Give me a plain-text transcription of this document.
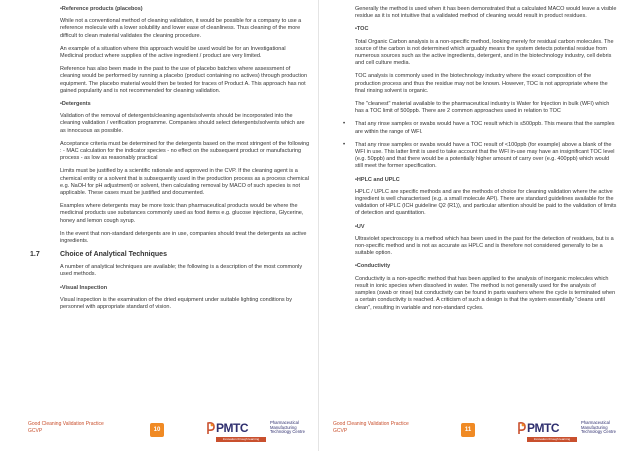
•Reference products (placebos)

While not a conventional method of cleaning validation, it would be possible for a company to use a reference molecule with a lower solubility and lower ease of cleanliness. Thus cleaning of the more difficult to clean material validates the cleaning procedure.

An example of a situation where this approach would be used would be for an Investigational Medicinal product where supplies of the active ingredient / product are very limited.

Reference has also been made in the past to the use of placebo batches where assessment of cleaning would be performed by running a placebo (product containing no actives) through production equipment. The placebo material would then be tested for traces of Product A. This approach has not gained popularity and is not recommended for cleaning validation.

•Detergents

Validation of the removal of detergents/cleaning agents/solvents should be incorporated into the cleaning validation / verification programme. Companies should select detergents/solvents which are as innocuous as possible.

Acceptance criteria must be determined for the detergents based on the most stringent of the following : - MAC calculation for the indicator species - no effect on the subsequent product or manufacturing process - as low as reasonably practical

Limits must be justified by a scientific rationale and approved in the CVP. If the cleaning agent is a chemical entity or a solvent that is subsequently used in the production process as a process chemical e.g. NaOH for pH adjustment) or solvent, then calculating removal by MACO of such species is not applicable. These cases must be justified and documented.

Examples where detergents may be more toxic than pharmaceutical products would be where the medicinal products use substances commonly used as food items e.g. glucose injections, Glycerine, honey and lemon cough syrup.

In the event that non-standard detergents are in use, companies should treat the detergents as active ingredients.

1.7	Choice of Analytical Techniques

A number of analytical techniques are available; the following is a description of the most commonly used methods.

•Visual Inspection

Visual inspection is the examination of the dried equipment under suitable lighting conditions by personnel with appropriate standard of vision.

Good Cleaning Validation Practice
GCVP	10	PMTC	Pharmaceutical Manufacturing Technology Centre
Innovation through learning

Generally the method is used when it has been demonstrated that a calculated MACO would leave a visible residue as it is not intuitive that a validated method of cleaning would result in product residues.

•TOC

Total Organic Carbon analysis is a non-specific method, looking merely for residual carbon molecules. The source of the carbon is not determined which arguably means the system detects potential residue from numerous sources such as the active ingredients, detergent, and in the biotechnology industry, cell debris and cell culture media.

TOC analysis is commonly used in the biotechnology industry where the exact composition of the production process and thus the residue may not be known. However, TOC is not appropriate where the final rinsing solvent is organic.

The "cleanest" material available to the pharmaceutical industry is Water for Injection in bulk (WFI) which has a TOC limit of 500ppb. There are 2 common approaches used in relation to TOC

• That any rinse samples or swabs would have a TOC result which is ≤500ppb. This means that the samples are within the range of WFI.

• That any rinse samples or swabs would have a TOC result of <100ppb (for example) above a blank of the WFI in use. This latter limit is used to take account that the WFI in-use may have an insignificant TOC level (e.g. 50ppb) and that there would be a potentially higher amount of carry over (e.g. 400ppb) which would still meet the former specification.

•HPLC and UPLC

HPLC / UPLC are specific methods and are the methods of choice for cleaning validation where the active ingredient is well characterised (e.g. a small molecule API). There are standard guidelines available for the validation of HPLC (ICH guideline Q2 (R1)), and particular attention should be paid to the validation of limits of detection and quantitation.

•UV

Ultraviolet spectroscopy is a method which has been used in the past for the detection of residues, but is a non-specific method and is not as accurate as HPLC and is therefore not considered generally to be a suitable option.

•Conductivity

Conductivity is a non-specific method that has been applied to the analysis of inorganic molecules which result in ionic species when dissolved in water. The method is not generally used for the analysis of samples (swab or rinse) but conductivity can be found in parts washers where the cycle is terminated when a certain conductivity is reached. A criticism of such a design is that the system essentially "cleans until clean", resulting in variable and non-standard cycles.

Good Cleaning Validation Practice
GCVP	11	PMTC	Pharmaceutical Manufacturing Technology Centre
Innovation through learning
